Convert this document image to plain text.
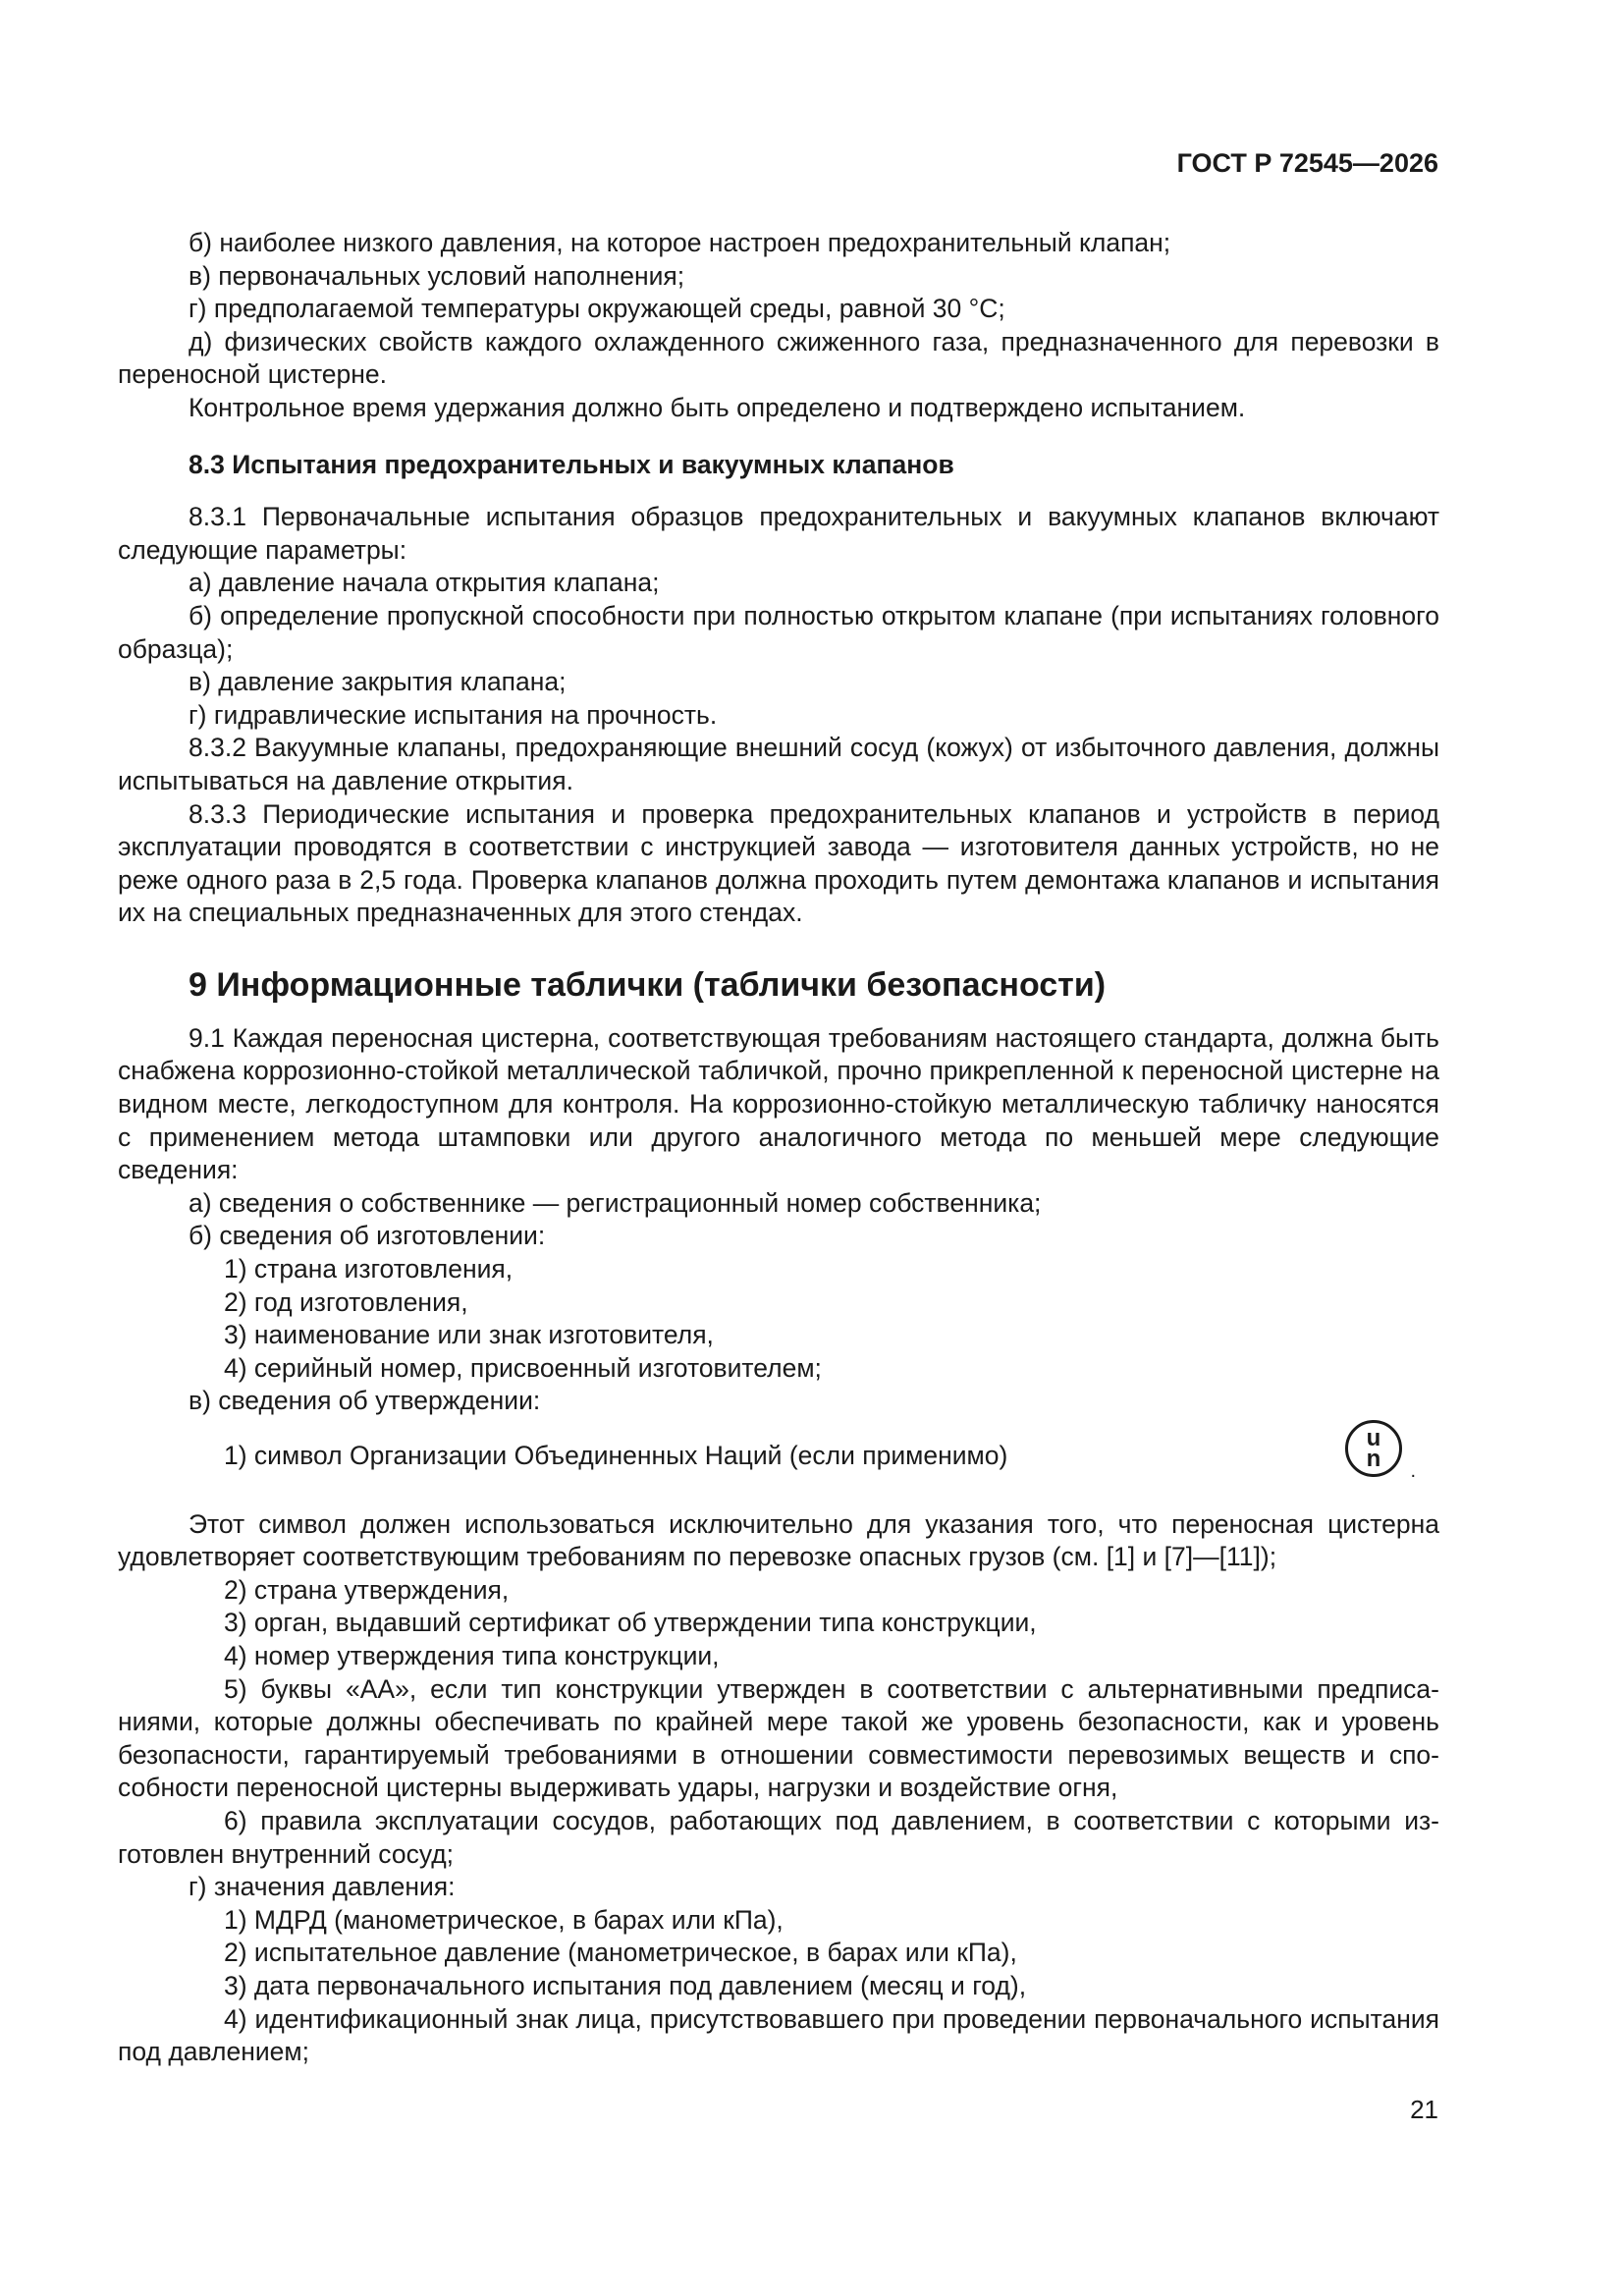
ГОСТ Р 72545—2026

б) наиболее низкого давления, на которое настроен предохранительный клапан;

в) первоначальных условий наполнения;

г) предполагаемой температуры окружающей среды, равной 30 °С;

д) физических свойств каждого охлажденного сжиженного газа, предназначенного для перевозки в переносной цистерне.

Контрольное время удержания должно быть определено и подтверждено испытанием.

8.3 Испытания предохранительных и вакуумных клапанов

8.3.1 Первоначальные испытания образцов предохранительных и вакуумных клапанов включают следующие параметры:

а) давление начала открытия клапана;

б) определение пропускной способности при полностью открытом клапане (при испытаниях головного образца);

в) давление закрытия клапана;

г) гидравлические испытания на прочность.

8.3.2 Вакуумные клапаны, предохраняющие внешний сосуд (кожух) от избыточного давления, должны испытываться на давление открытия.

8.3.3 Периодические испытания и проверка предохранительных клапанов и устройств в период эксплуатации проводятся в соответствии с инструкцией завода — изготовителя данных устройств, но не реже одного раза в 2,5 года. Проверка клапанов должна проходить путем демонтажа клапанов и испытания их на специальных предназначенных для этого стендах.

9 Информационные таблички (таблички безопасности)

9.1 Каждая переносная цистерна, соответствующая требованиям настоящего стандарта, должна быть снабжена коррозионно-стойкой металлической табличкой, прочно прикрепленной к переносной цистерне на видном месте, легкодоступном для контроля. На коррозионно-стойкую металлическую табличку наносятся с применением метода штамповки или другого аналогичного метода по меньшей мере следующие сведения:

а) сведения о собственнике — регистрационный номер собственника;

б) сведения об изготовлении:

1) страна изготовления,

2) год изготовления,

3) наименование или знак изготовителя,

4) серийный номер, присвоенный изготовителем;

в) сведения об утверждении:

1) символ Организации Объединенных Наций (если применимо)

u
n .

Этот символ должен использоваться исключительно для указания того, что переносная цистерна удовлетворяет соответствующим требованиям по перевозке опасных грузов (см. [1] и [7]—[11]);

2) страна утверждения,

3) орган, выдавший сертификат об утверждении типа конструкции,

4) номер утверждения типа конструкции,

5) буквы «АА», если тип конструкции утвержден в соответствии с альтернативными предписаниями, которые должны обеспечивать по крайней мере такой же уровень безопасности, как и уровень безопасности, гарантируемый требованиями в отношении совместимости перевозимых веществ и способности переносной цистерны выдерживать удары, нагрузки и воздействие огня,

6) правила эксплуатации сосудов, работающих под давлением, в соответствии с которыми изготовлен внутренний сосуд;

г) значения давления:

1) МДРД (манометрическое, в барах или кПа),

2) испытательное давление (манометрическое, в барах или кПа),

3) дата первоначального испытания под давлением (месяц и год),

4) идентификационный знак лица, присутствовавшего при проведении первоначального испытания под давлением;

21
